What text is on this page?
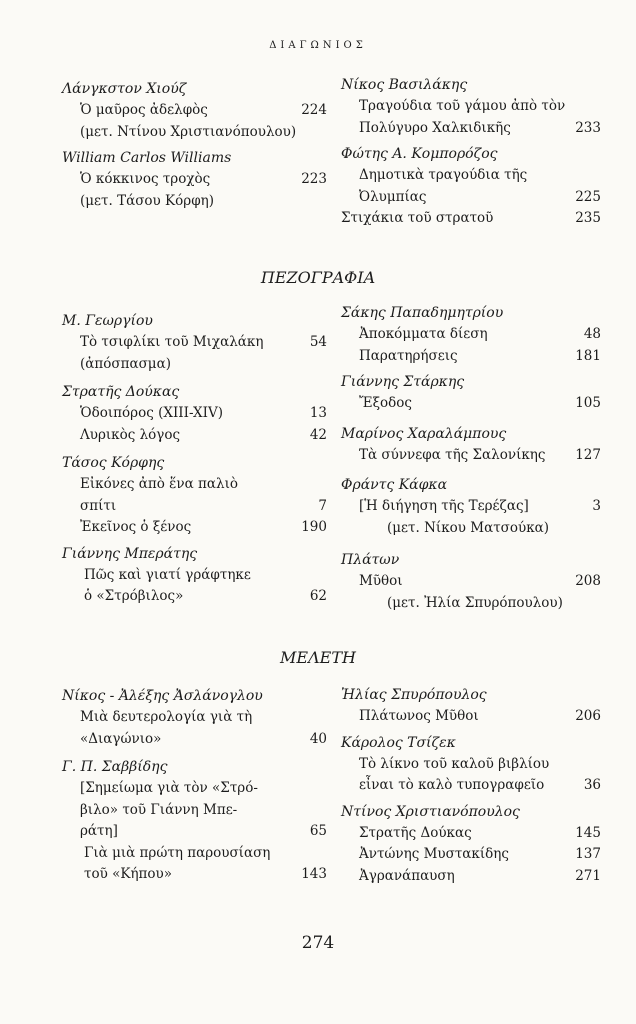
ΔΙΑΓΩΝΙΟΣ
Λάνγκστον Χιούζ
Ὁ μαῦρος ἀδελφὸς	224
(μετ. Ντίνου Χριστιανόπουλου)
William Carlos Williams
Ὁ κόκκινος τροχὸς	223
(μετ. Τάσου Κόρφη)
Νίκος Βασιλάκης
Τραγούδια τοῦ γάμου ἀπὸ τὸν
Πολύγυρο Χαλκιδικῆς	233
Φώτης Α. Κομπορόζος
Δημοτικὰ τραγούδια τῆς
Ὀλυμπίας	225
Στιχάκια τοῦ στρατοῦ	235
ΠΕΖΟΓΡΑΦΙΑ
Μ. Γεωργίου
Τὸ τσιφλίκι τοῦ Μιχαλάκη	54
(ἀπόσπασμα)
Στρατῆς Δούκας
Ὁδοιπόρος (XIII-XIV)	13
Λυρικὸς λόγος	42
Τάσος Κόρφης
Εἰκόνες ἀπὸ ἕνα παλιὸ
σπίτι	7
Ἐκεῖνος ὁ ξένος	190
Γιάννης Μπεράτης
Πῶς καὶ γιατί γράφτηκε
ὁ «Στρόβιλος»	62
Σάκης Παπαδημητρίου
Ἀποκόμματα δίεση	48
Παρατηρήσεις	181
Γιάννης Στάρκης
Ἔξοδος	105
Μαρίνος Χαραλάμπους
Τὰ σύννεφα τῆς Σαλονίκης 127
Φράντς Κάφκα
[Ἡ διήγηση τῆς Τερέζας]	3
(μετ. Νίκου Ματσούκα)
Πλάτων
Μῦθοι	208
(μετ. Ἠλία Σπυρόπουλου)
ΜΕΛΕΤΗ
Νίκος - Ἀλέξης Ἀσλάνογλου
Μιὰ δευτερολογία γιὰ τὴ
«Διαγώνιο»	40
Γ. Π. Σαββίδης
[Σημείωμα γιὰ τὸν «Στρό-
βιλο» τοῦ Γιάννη Μπε-
ράτη]	65
Γιὰ μιὰ πρώτη παρουσίαση
τοῦ «Κήπου»	143
Ἠλίας Σπυρόπουλος
Πλάτωνος Μῦθοι	206
Κάρολος Τσίζεκ
Τὸ λίκνο τοῦ καλοῦ βιβλίου
εἶναι τὸ καλὸ τυπογραφεῖο	36
Ντίνος Χριστιανόπουλος
Στρατῆς Δούκας	145
Ἀντώνης Μυστακίδης	137
Ἀγρανάπαυση	271
274
